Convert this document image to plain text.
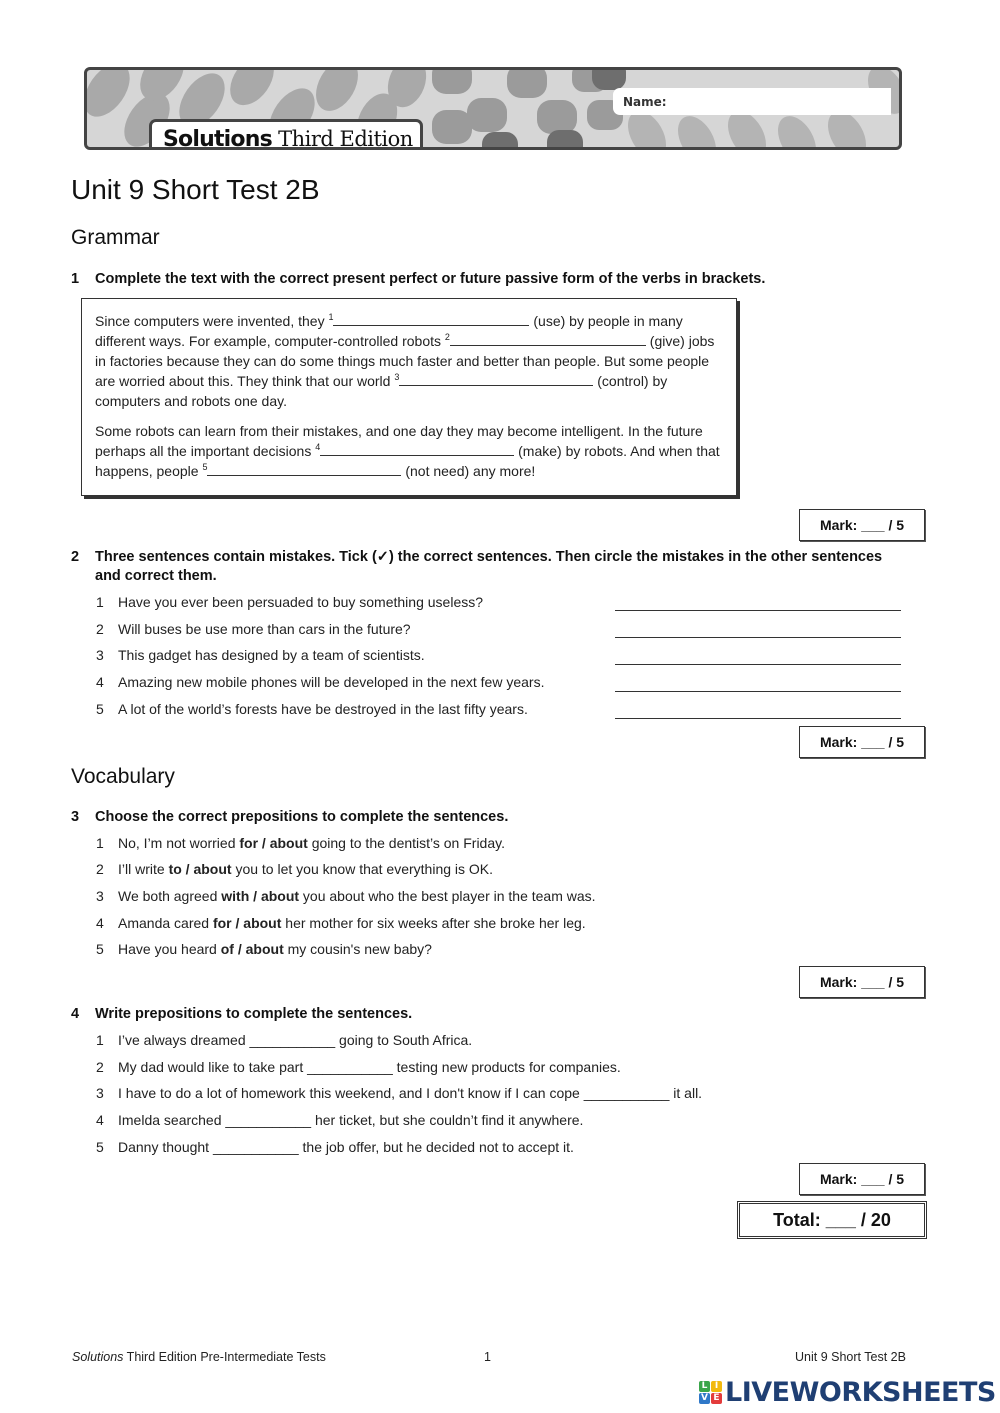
Name:
Solutions Third Edition
Unit 9 Short Test 2B
Grammar
1	Complete the text with the correct present perfect or future passive form of the verbs in brackets.

Since computers were invented, they $^1$	(use) by people in many different ways. For example, computer-controlled robots $^2$	(give) jobs in factories because they can do some things much faster and better than people. But some people are worried about this. They think that our world $^3$	(control) by computers and robots one day.

Some robots can learn from their mistakes, and one day they may become intelligent. In the future perhaps all the important decisions $^4$	(make) by robots. And when that happens, people $^5$	(not need) any more!

Mark: ___ / 5
2	Three sentences contain mistakes. Tick (✓) the correct sentences. Then circle the mistakes in the other sentences and correct them.
1 Have you ever been persuaded to buy something useless?
2 Will buses be use more than cars in the future?
3 This gadget has designed by a team of scientists.
4 Amazing new mobile phones will be developed in the next few years.
5 A lot of the world’s forests have be destroyed in the last fifty years.
Mark: ___ / 5
Vocabulary
3	Choose the correct prepositions to complete the sentences.
1 No, I’m not worried for / about going to the dentist’s on Friday.
2 I’ll write to / about you to let you know that everything is OK.
3 We both agreed with / about you about who the best player in the team was.
4 Amanda cared for / about her mother for six weeks after she broke her leg.
5 Have you heard of / about my cousin's new baby?
Mark: ___ / 5
4	Write prepositions to complete the sentences.
1 I’ve always dreamed ___________ going to South Africa.
2 My dad would like to take part ___________ testing new products for companies.
3 I have to do a lot of homework this weekend, and I don't know if I can cope ___________ it all.
4 Imelda searched ___________ her ticket, but she couldn’t find it anywhere.
5 Danny thought ___________ the job offer, but he decided not to accept it.
Mark: ___ / 5
Total: ___ / 20
Solutions Third Edition Pre-Intermediate Tests	1	Unit 9 Short Test 2B
L I
V E LIVEWORKSHEETS
